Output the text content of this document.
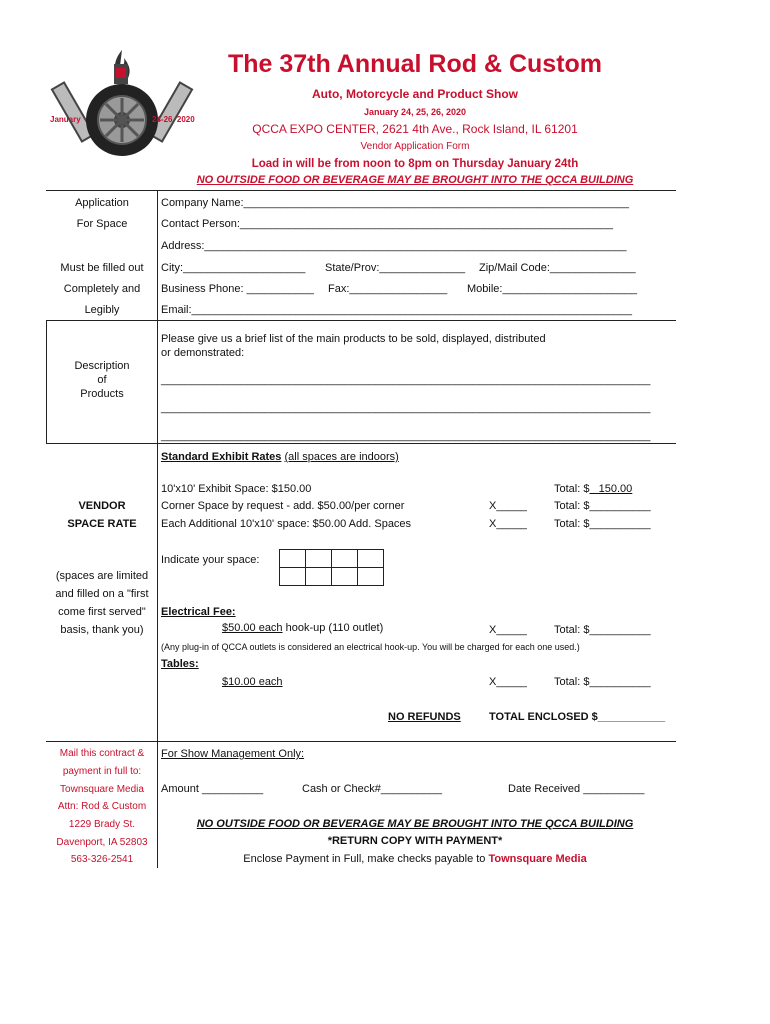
January	24-26, 2020
The 37th Annual Rod & Custom
Auto, Motorcycle and Product Show
January 24, 25, 26, 2020
QCCA EXPO CENTER, 2621 4th Ave., Rock Island, IL 61201
Vendor Application Form
Load in will be from noon to 8pm on Thursday January 24th
NO OUTSIDE FOOD OR BEVERAGE MAY BE BROUGHT INTO THE QCCA BUILDING
Application
For Space
Must be filled out
Completely and
Legibly
Company Name:_______________________________________________________________
Contact Person:_____________________________________________________________
Address:_____________________________________________________________________
City:____________________ State/Prov:______________ Zip/Mail Code:______________
Business Phone: ___________ Fax:________________ Mobile:______________________
Email:________________________________________________________________________
Description
of
Products
Please give us a brief list of the main products to be sold, displayed, distributed
or demonstrated:
________________________________________________________________________________
________________________________________________________________________________
________________________________________________________________________________
Standard Exhibit Rates (all spaces are indoors)
10'x10' Exhibit Space: $150.00	Total: $   150.00
Corner Space by request - add. $50.00/per corner	X_____ Total: $__________
Each Additional 10'x10' space: $50.00 Add. Spaces	X_____ Total: $__________
VENDOR
SPACE RATE
Indicate your space:

(spaces are limited
and filled on a "first
come first served"
basis, thank you)
Electrical Fee:
$50.00 each hook-up (110 outlet)	X_____ Total: $__________
(Any plug-in of QCCA outlets is considered an electrical hook-up. You will be charged for each one used.)
Tables:
$10.00 each	X_____ Total: $__________
NO REFUNDS	TOTAL ENCLOSED $___________
Mail this contract &
payment in full to:
Townsquare Media
Attn: Rod & Custom
1229 Brady St.
Davenport, IA 52803
563-326-2541
For Show Management Only:
Amount __________	Cash or Check#__________	Date Received __________
NO OUTSIDE FOOD OR BEVERAGE MAY BE BROUGHT INTO THE QCCA BUILDING
*RETURN COPY WITH PAYMENT*
Enclose Payment in Full, make checks payable to Townsquare Media
